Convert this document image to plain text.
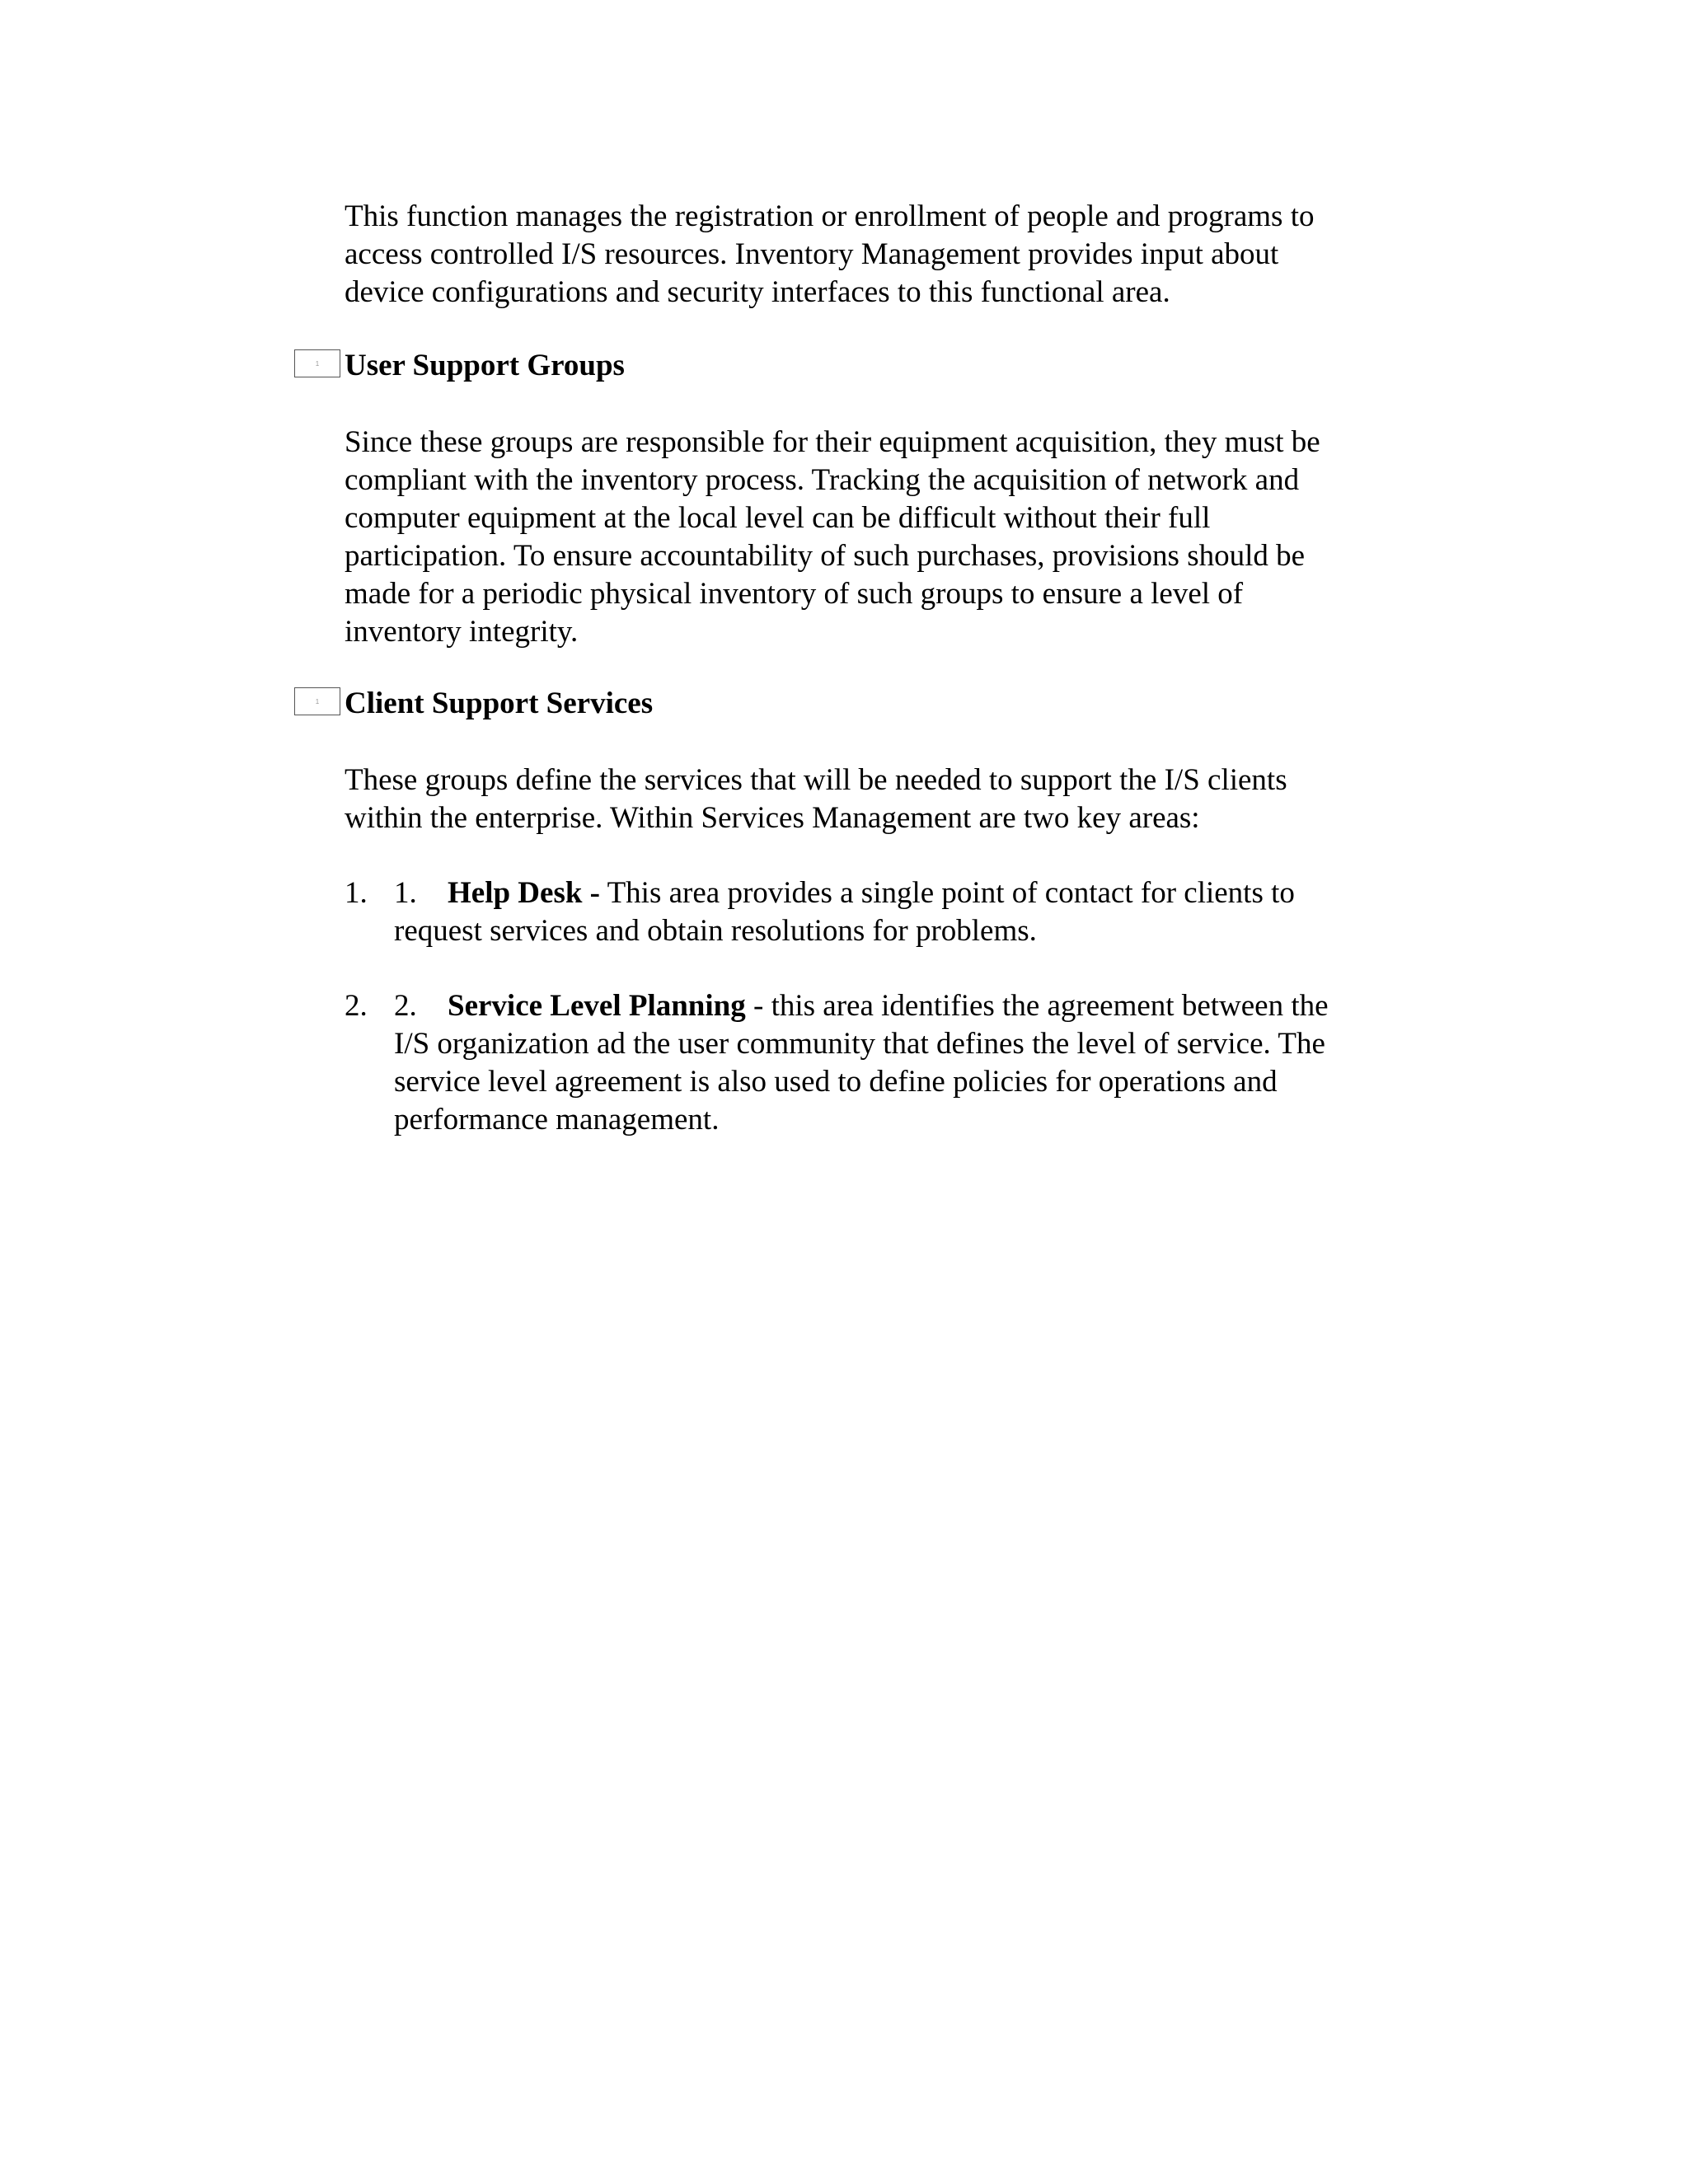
This function manages the registration or enrollment of people and programs to
access controlled I/S resources. Inventory Management provides input about
device configurations and security interfaces to this functional area.

1 User Support Groups

Since these groups are responsible for their equipment acquisition, they must be
compliant with the inventory process. Tracking the acquisition of network and
computer equipment at the local level can be difficult without their full
participation. To ensure accountability of such purchases, provisions should be
made for a periodic physical inventory of such groups to ensure a level of
inventory integrity.

1 Client Support Services

These groups define the services that will be needed to support the I/S clients
within the enterprise. Within Services Management are two key areas:

1. 1. Help Desk - This area provides a single point of contact for clients to
request services and obtain resolutions for problems.
2. 2. Service Level Planning - this area identifies the agreement between the
I/S organization ad the user community that defines the level of service. The
service level agreement is also used to define policies for operations and
performance management.
